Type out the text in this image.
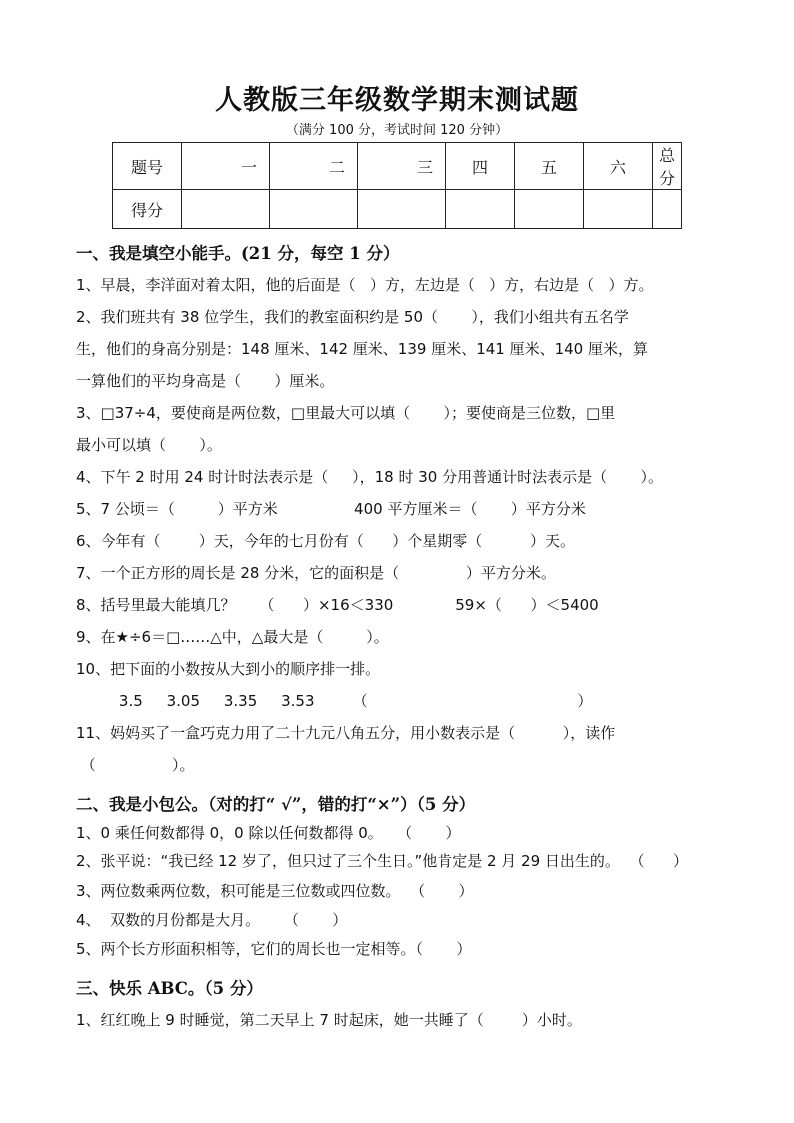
人教版三年级数学期末测试题
（满分 100 分，考试时间 120 分钟）
题号	一	二	三	四	五	六	总分
得分							
一、我是填空小能手。(21 分，每空 1 分）
1、早晨，李洋面对着太阳，他的后面是（   ）方，左边是（   ）方，右边是（   ）方。
2、我们班共有 38 位学生，我们的教室面积约是 50（       ），我们小组共有五名学
生，他们的身高分别是：148 厘米、142 厘米、139 厘米、141 厘米、140 厘米，算
一算他们的平均身高是（       ）厘米。
3、□37÷4，要使商是两位数，□里最大可以填（       ）；要使商是三位数，□里
最小可以填（       ）。
4、下午 2 时用 24 时计时法表示是（     ），18 时 30 分用普通计时法表示是（       ）。
5、7 公顷＝（         ）平方米                400 平方厘米＝（       ）平方分米
6、今年有（        ）天，今年的七月份有（      ）个星期零（          ）天。
7、一个正方形的周长是 28 分米，它的面积是（              ）平方分米。
8、括号里最大能填几？     （      ）×16＜330             59×（      ）＜5400
9、在★÷6＝□……△中，△最大是（         ）。
10、把下面的小数按从大到小的顺序排一排。
3.5     3.05     3.35     3.53        （                                            ）
11、妈妈买了一盒巧克力用了二十九元八角五分，用小数表示是（          ），读作
（                ）。
二、我是小包公。（对的打“ √”，错的打“×”）（5 分）
1、0 乘任何数都得 0，0 除以任何数都得 0。   （       ）
2、张平说：“我已经 12 岁了，但只过了三个生日。”他肯定是 2 月 29 日出生的。  （      ）
3、两位数乘两位数，积可能是三位数或四位数。  （       ）
4、  双数的月份都是大月。     （       ）
5、两个长方形面积相等，它们的周长也一定相等。（       ）
三、快乐 ABC。（5 分）
1、红红晚上 9 时睡觉，第二天早上 7 时起床，她一共睡了（        ）小时。
